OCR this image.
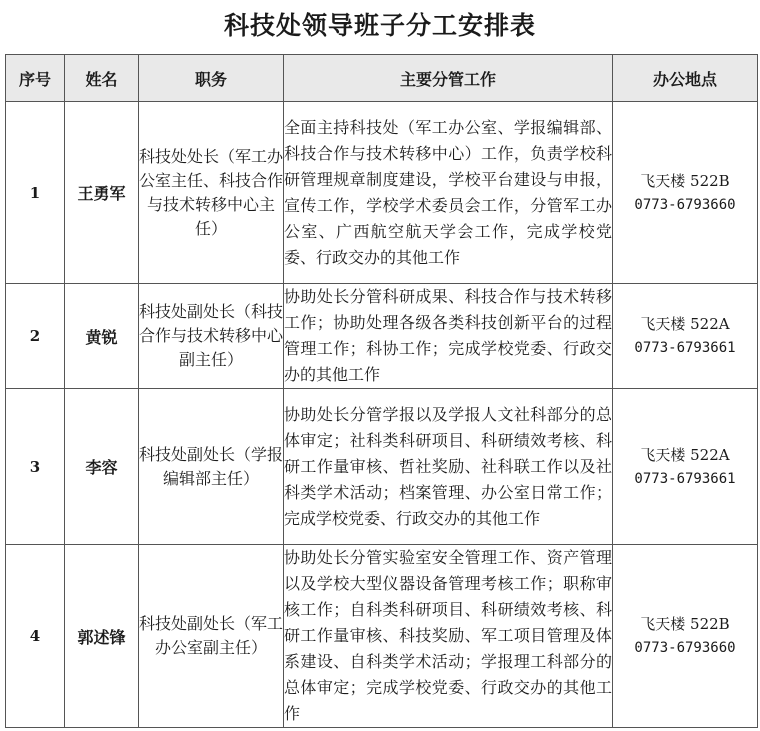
科技处领导班子分工安排表
序号	姓名	职务	主要分管工作	办公地点
1	王勇军	科技处处长（军工办公室主任、科技合作与技术转移中心主任）	全面主持科技处（军工办公室、学报编辑部、科技合作与技术转移中心）工作，负责学校科研管理规章制度建设，学校平台建设与申报，宣传工作，学校学术委员会工作，分管军工办公室、广西航空航天学会工作，完成学校党委、行政交办的其他工作	飞天楼 522B
0773-6793660

2	黄锐	科技处副处长（科技合作与技术转移中心副主任）	协助处长分管科研成果、科技合作与技术转移工作；协助处理各级各类科技创新平台的过程管理工作；科协工作；完成学校党委、行政交办的其他工作	飞天楼 522A
0773-6793661

3	李容	科技处副处长（学报编辑部主任）	协助处长分管学报以及学报人文社科部分的总体审定；社科类科研项目、科研绩效考核、科研工作量审核、哲社奖励、社科联工作以及社科类学术活动；档案管理、办公室日常工作；完成学校党委、行政交办的其他工作	飞天楼 522A
0773-6793661

4	郭述锋	科技处副处长（军工办公室副主任）	协助处长分管实验室安全管理工作、资产管理以及学校大型仪器设备管理考核工作；职称审核工作；自科类科研项目、科研绩效考核、科研工作量审核、科技奖励、军工项目管理及体系建设、自科类学术活动；学报理工科部分的总体审定；完成学校党委、行政交办的其他工作	飞天楼 522B
0773-6793660
